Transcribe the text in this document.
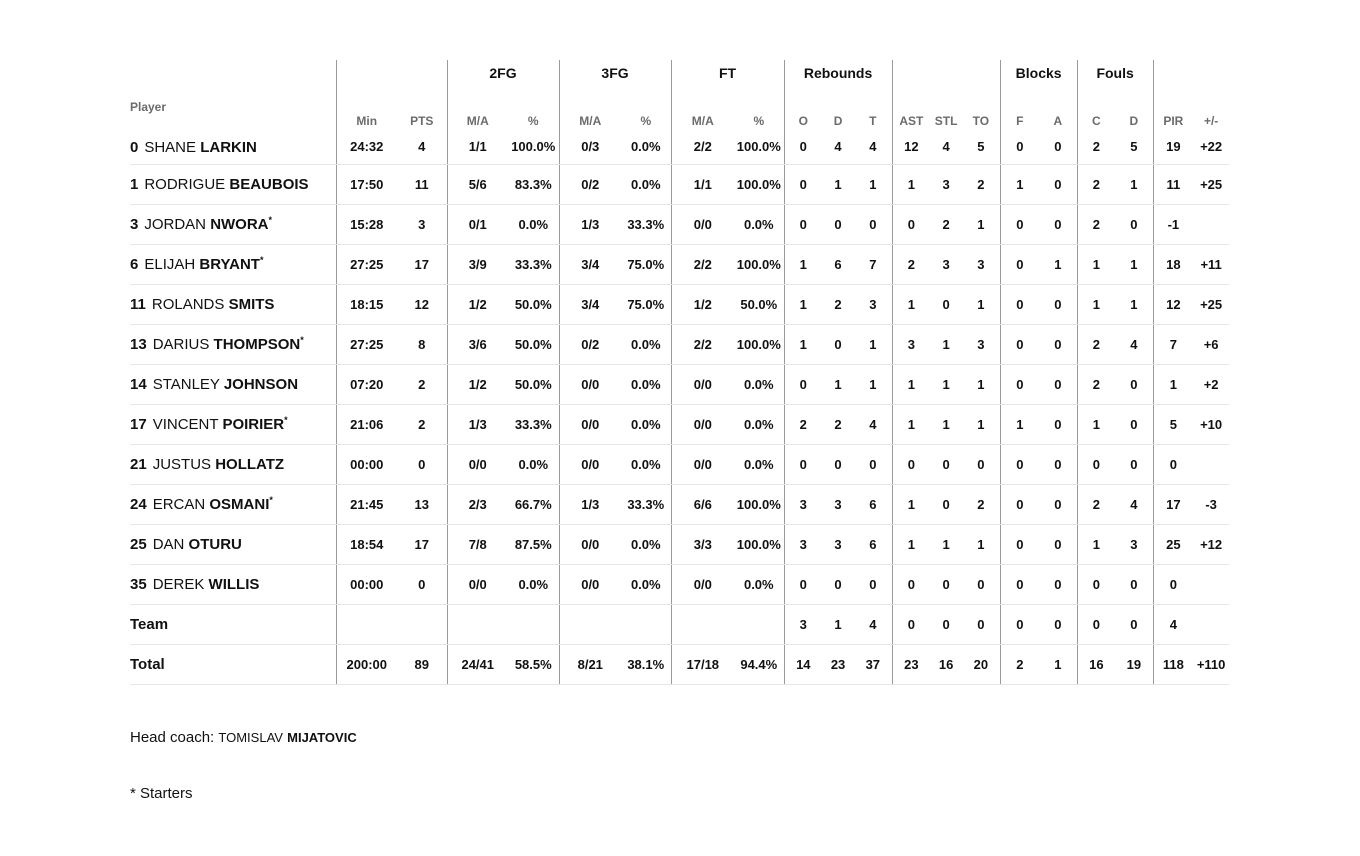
			2FG		3FG		FT		Rebounds						Blocks		Fouls			
Player	Min	PTS	M/A	%	M/A	%	M/A	%	O	D	T	AST	STL	TO	F	A	C	D	PIR	+/-
0 SHANE LARKIN	24:32	4	1/1	100.0%	0/3	0.0%	2/2	100.0%	0	4	4	12	4	5	0	0	2	5	19	+22
1 RODRIGUE BEAUBOIS	17:50	11	5/6	83.3%	0/2	0.0%	1/1	100.0%	0	1	1	1	3	2	1	0	2	1	11	+25
3 JORDAN NWORA*	15:28	3	0/1	0.0%	1/3	33.3%	0/0	0.0%	0	0	0	0	2	1	0	0	2	0	-1	
6 ELIJAH BRYANT*	27:25	17	3/9	33.3%	3/4	75.0%	2/2	100.0%	1	6	7	2	3	3	0	1	1	1	18	+11
11 ROLANDS SMITS	18:15	12	1/2	50.0%	3/4	75.0%	1/2	50.0%	1	2	3	1	0	1	0	0	1	1	12	+25
13 DARIUS THOMPSON*	27:25	8	3/6	50.0%	0/2	0.0%	2/2	100.0%	1	0	1	3	1	3	0	0	2	4	7	+6
14 STANLEY JOHNSON	07:20	2	1/2	50.0%	0/0	0.0%	0/0	0.0%	0	1	1	1	1	1	0	0	2	0	1	+2
17 VINCENT POIRIER*	21:06	2	1/3	33.3%	0/0	0.0%	0/0	0.0%	2	2	4	1	1	1	1	0	1	0	5	+10
21 JUSTUS HOLLATZ	00:00	0	0/0	0.0%	0/0	0.0%	0/0	0.0%	0	0	0	0	0	0	0	0	0	0	0	
24 ERCAN OSMANI*	21:45	13	2/3	66.7%	1/3	33.3%	6/6	100.0%	3	3	6	1	0	2	0	0	2	4	17	-3
25 DAN OTURU	18:54	17	7/8	87.5%	0/0	0.0%	3/3	100.0%	3	3	6	1	1	1	0	0	1	3	25	+12
35 DEREK WILLIS	00:00	0	0/0	0.0%	0/0	0.0%	0/0	0.0%	0	0	0	0	0	0	0	0	0	0	0	
Team									3	1	4	0	0	0	0	0	0	0	4	
Total	200:00	89	24/41	58.5%	8/21	38.1%	17/18	94.4%	14	23	37	23	16	20	2	1	16	19	118	+110
Head coach: TOMISLAV MIJATOVIC
* Starters
